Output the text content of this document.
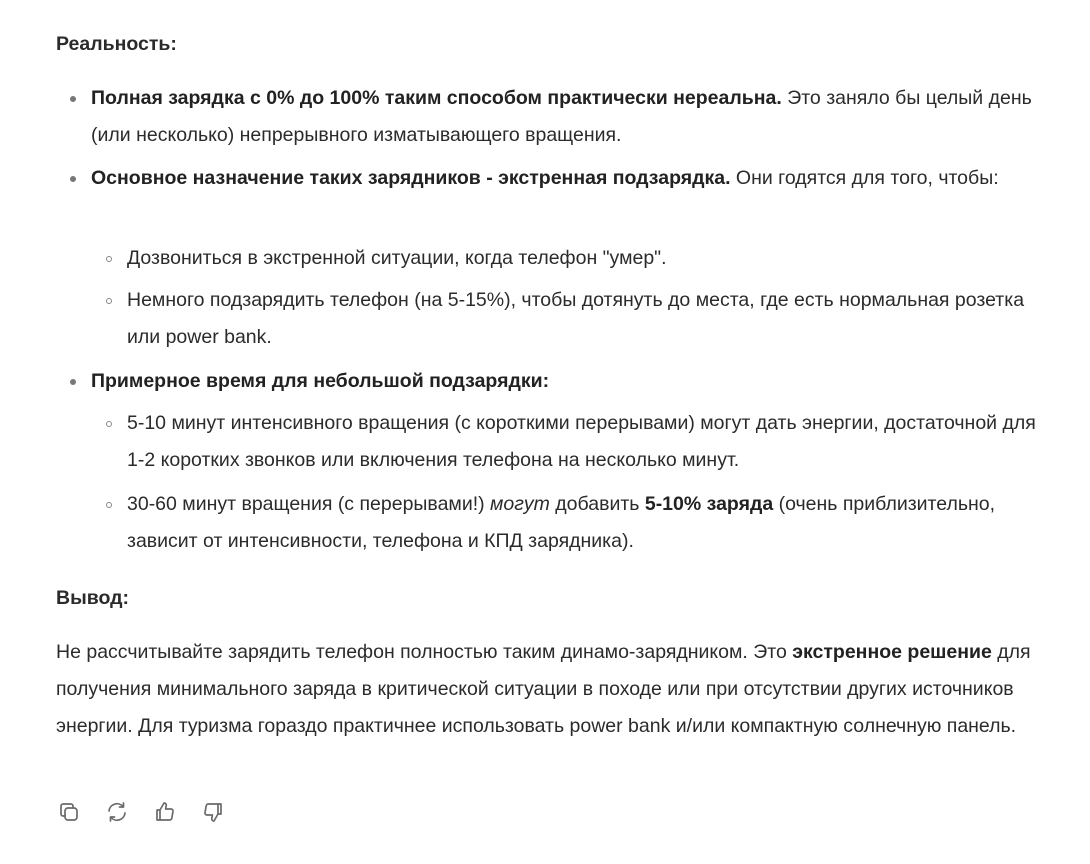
Реальность:

Полная зарядка с 0% до 100% таким способом практически нереальна. Это заняло бы целый день (или несколько) непрерывного изматывающего вращения.

Основное назначение таких зарядников - экстренная подзарядка. Они годятся для того, чтобы:

Дозвониться в экстренной ситуации, когда телефон "умер".

Немного подзарядить телефон (на 5-15%), чтобы дотянуть до места, где есть нормальная розетка или power bank.

Примерное время для небольшой подзарядки:

5-10 минут интенсивного вращения (с короткими перерывами) могут дать энергии, достаточной для 1-2 коротких звонков или включения телефона на несколько минут.

30-60 минут вращения (с перерывами!) могут добавить 5-10% заряда (очень приблизительно, зависит от интенсивности, телефона и КПД зарядника).

Вывод:

Не рассчитывайте зарядить телефон полностью таким динамо-зарядником. Это экстренное решение для получения минимального заряда в критической ситуации в походе или при отсутствии других источников энергии. Для туризма гораздо практичнее использовать power bank и/или компактную солнечную панель.
